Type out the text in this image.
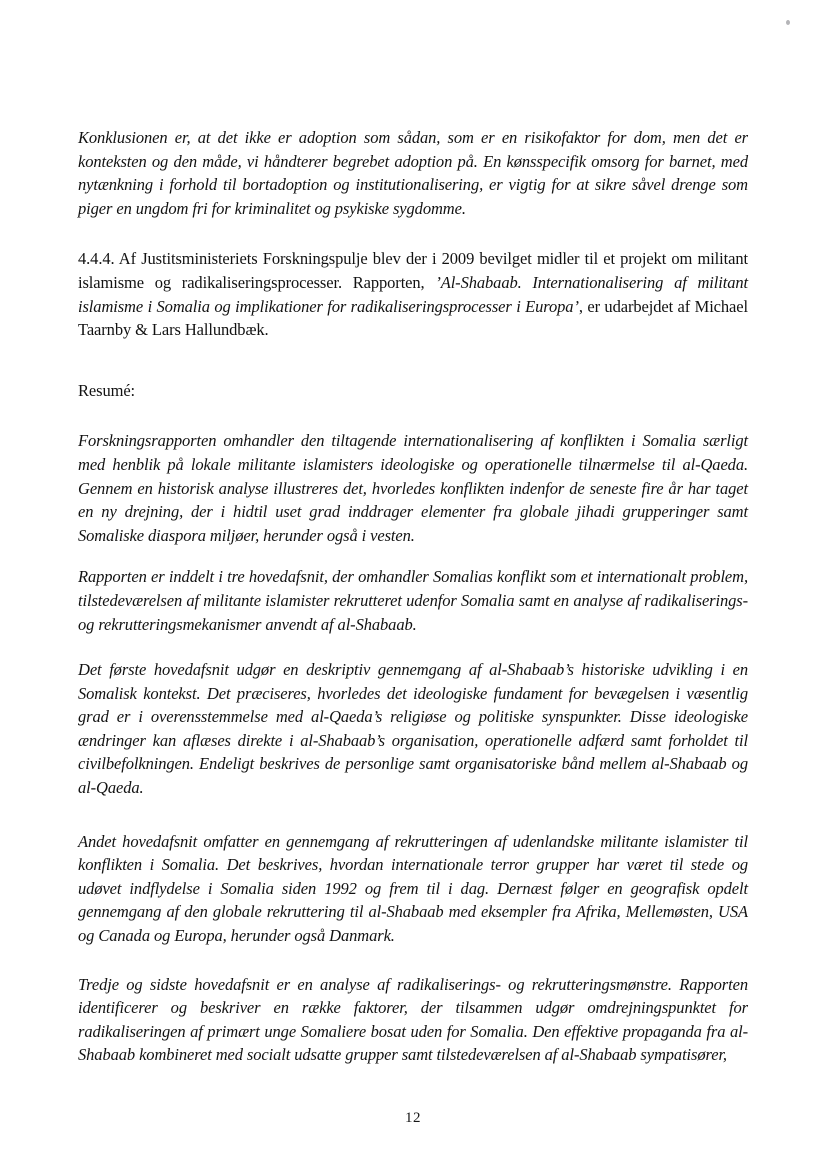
Konklusionen er, at det ikke er adoption som sådan, som er en risikofaktor for dom, men det er konteksten og den måde, vi håndterer begrebet adoption på. En kønsspecifik omsorg for barnet, med nytænkning i forhold til bortadoption og institutionalisering, er vigtig for at sikre såvel drenge som piger en ungdom fri for kriminalitet og psykiske sygdomme.

4.4.4. Af Justitsministeriets Forskningspulje blev der i 2009 bevilget midler til et projekt om militant islamisme og radikaliseringsprocesser. Rapporten, ’Al-Shabaab. Internationalisering af militant islamisme i Somalia og implikationer for radikaliseringsprocesser i Europa’, er udarbejdet af Michael Taarnby & Lars Hallundbæk.

Resumé:

Forskningsrapporten omhandler den tiltagende internationalisering af konflikten i Somalia særligt med henblik på lokale militante islamisters ideologiske og operationelle tilnærmelse til al-Qaeda. Gennem en historisk analyse illustreres det, hvorledes konflikten indenfor de seneste fire år har taget en ny drejning, der i hidtil uset grad inddrager elementer fra globale jihadi grupperinger samt Somaliske diaspora miljøer, herunder også i vesten.

Rapporten er inddelt i tre hovedafsnit, der omhandler Somalias konflikt som et internationalt problem, tilstedeværelsen af militante islamister rekrutteret udenfor Somalia samt en analyse af radikaliserings- og rekrutteringsmekanismer anvendt af al-Shabaab.

Det første hovedafsnit udgør en deskriptiv gennemgang af al-Shabaab’s historiske udvikling i en Somalisk kontekst. Det præciseres, hvorledes det ideologiske fundament for bevægelsen i væsentlig grad er i overensstemmelse med al-Qaeda’s religiøse og politiske synspunkter. Disse ideologiske ændringer kan aflæses direkte i al-Shabaab’s organisation, operationelle adfærd samt forholdet til civilbefolkningen. Endeligt beskrives de personlige samt organisatoriske bånd mellem al-Shabaab og al-Qaeda.

Andet hovedafsnit omfatter en gennemgang af rekrutteringen af udenlandske militante islamister til konflikten i Somalia. Det beskrives, hvordan internationale terror grupper har været til stede og udøvet indflydelse i Somalia siden 1992 og frem til i dag. Dernæst følger en geografisk opdelt gennemgang af den globale rekruttering til al-Shabaab med eksempler fra Afrika, Mellemøsten, USA og Canada og Europa, herunder også Danmark.

Tredje og sidste hovedafsnit er en analyse af radikaliserings- og rekrutteringsmønstre. Rapporten identificerer og beskriver en række faktorer, der tilsammen udgør omdrejningspunktet for radikaliseringen af primært unge Somaliere bosat uden for Somalia. Den effektive propaganda fra al-Shabaab kombineret med socialt udsatte grupper samt tilstedeværelsen af al-Shabaab sympatisører,

12
